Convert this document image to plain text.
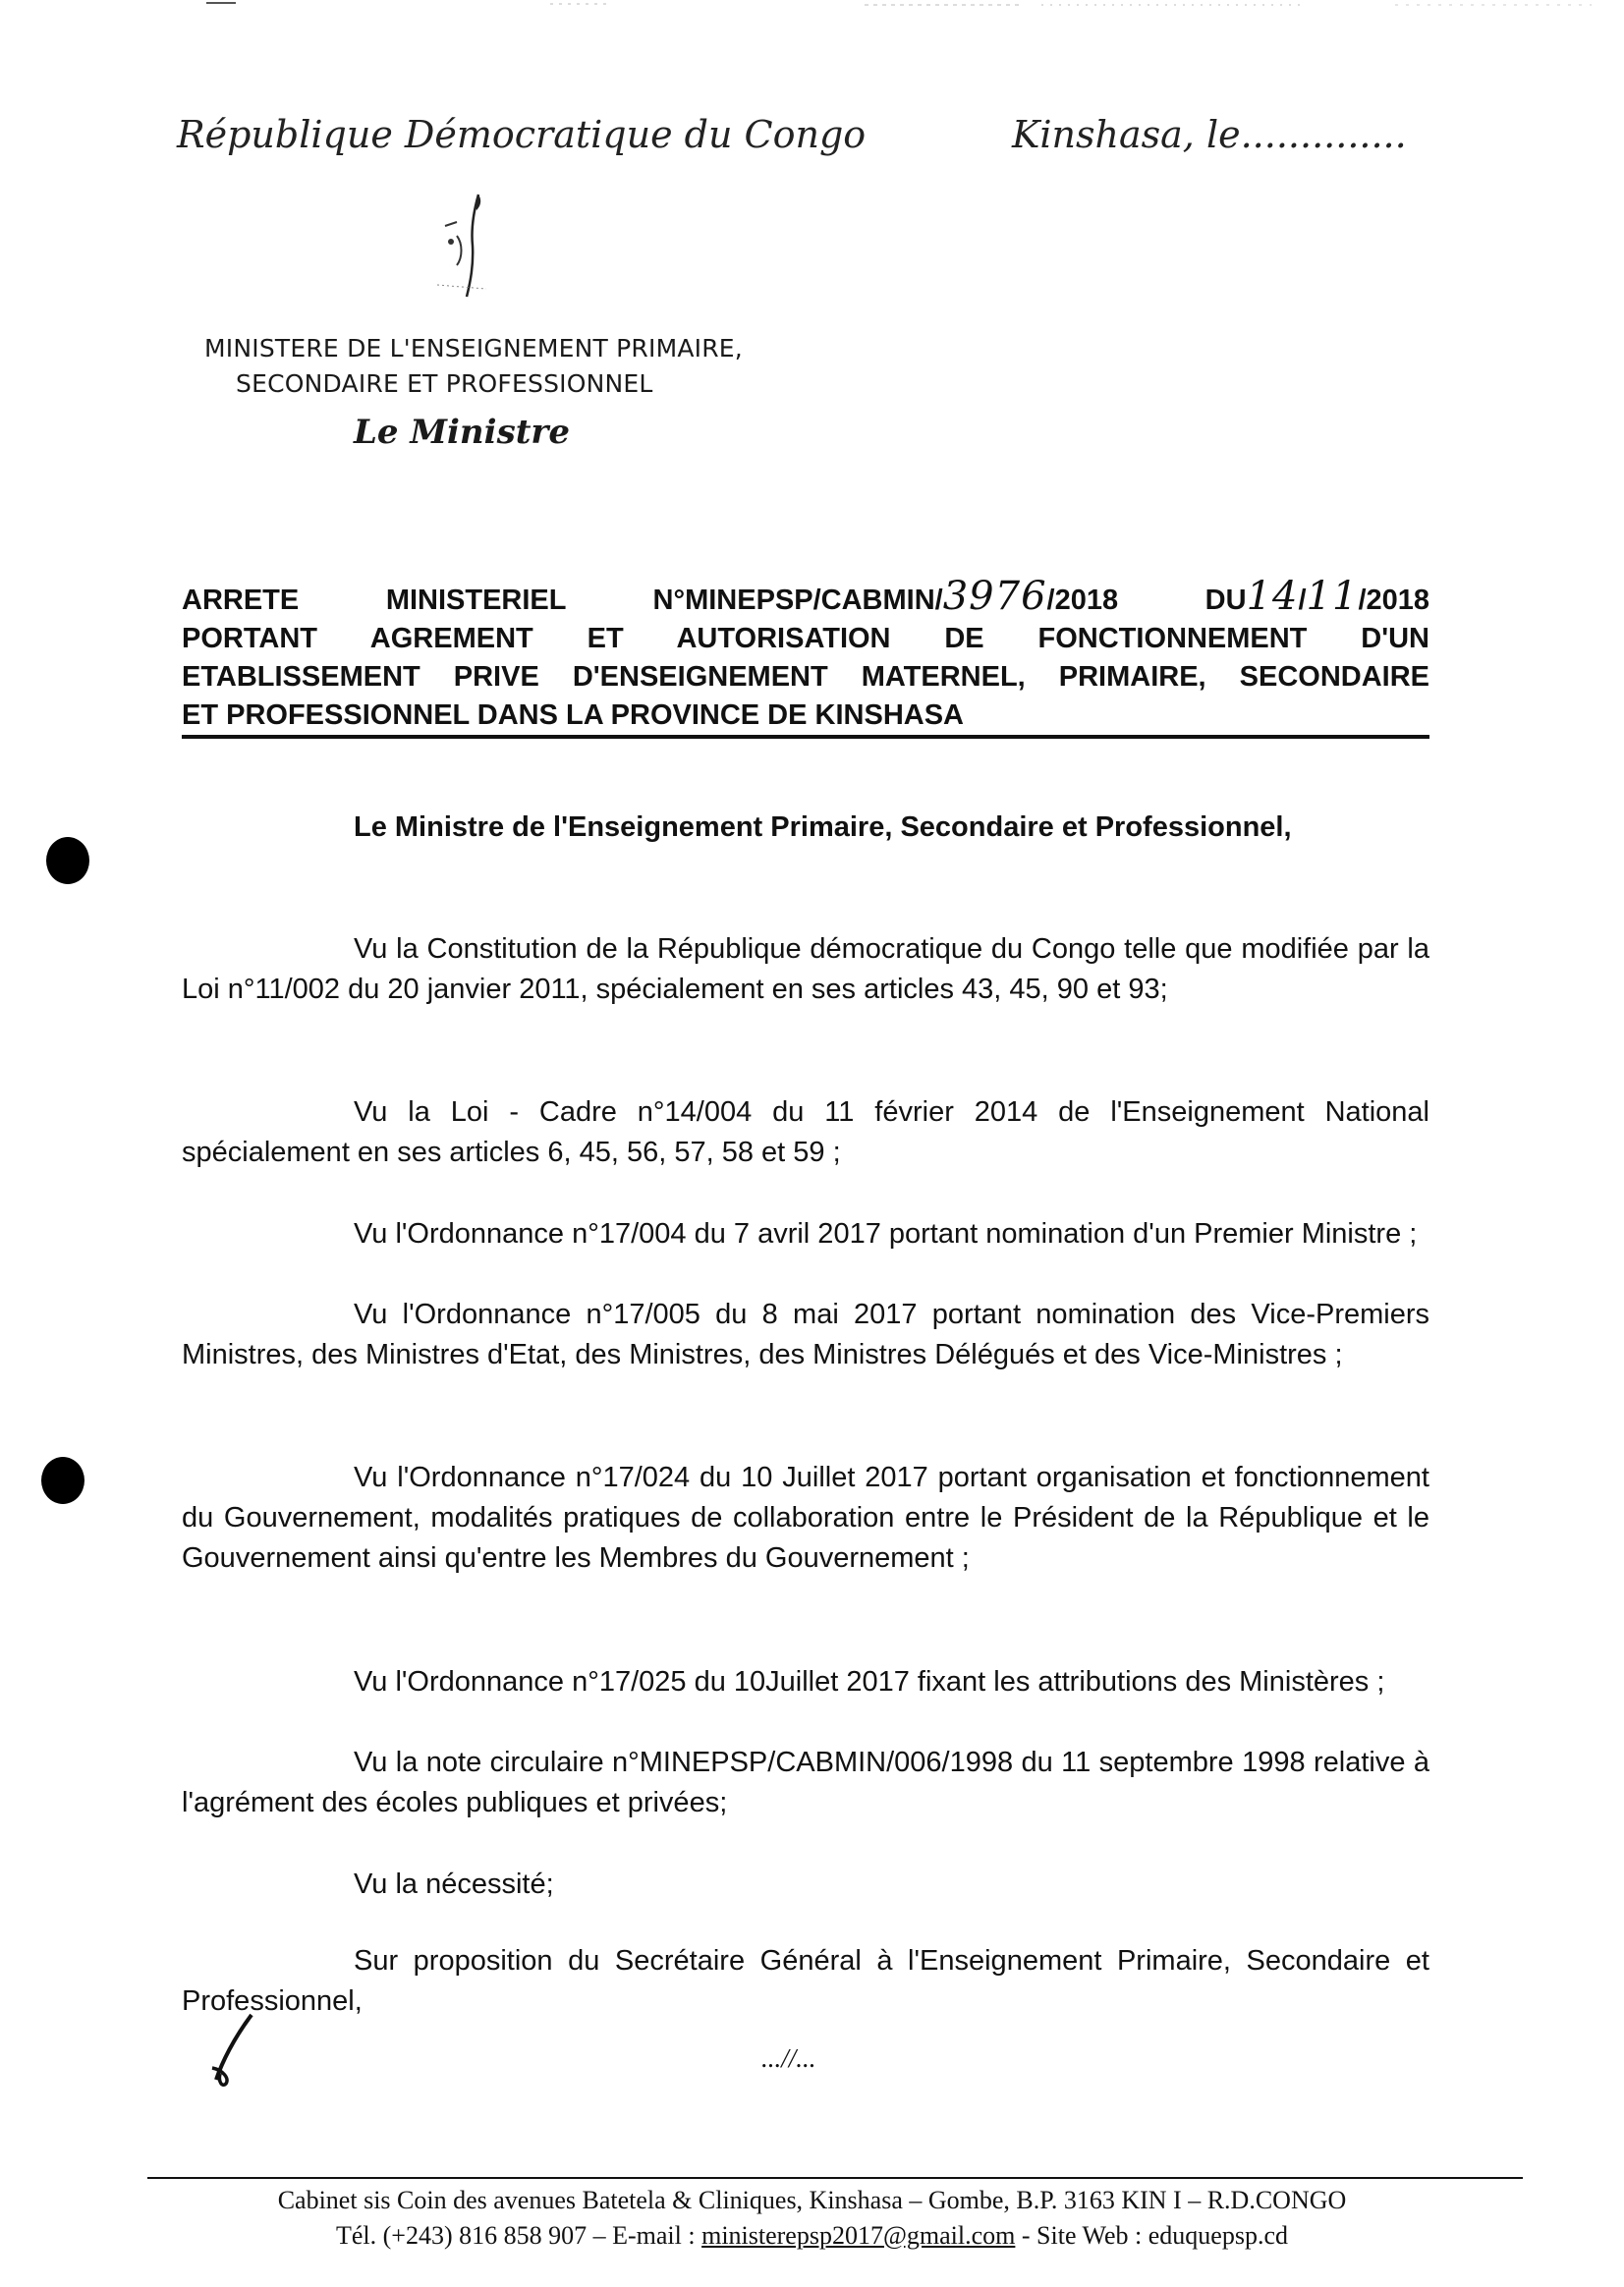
République Démocratique du Congo	Kinshasa, le..............
MINISTERE DE L'ENSEIGNEMENT PRIMAIRE,
SECONDAIRE ET PROFESSIONNEL
Le Ministre
ARRETE	MINISTERIEL	N°MINEPSP/CABMIN/3976/2018	DU14/11/2018
PORTANT AGREMENT ET AUTORISATION DE FONCTIONNEMENT D'UN
ETABLISSEMENT PRIVE D'ENSEIGNEMENT MATERNEL, PRIMAIRE, SECONDAIRE
ET PROFESSIONNEL DANS LA PROVINCE DE KINSHASA

Le Ministre de l'Enseignement Primaire, Secondaire et Professionnel,

Vu la Constitution de la République démocratique du Congo telle que modifiée par la Loi n°11/002 du 20 janvier 2011, spécialement en ses articles 43, 45, 90 et 93;

Vu la Loi - Cadre n°14/004 du 11 février 2014 de l'Enseignement National spécialement en ses articles 6, 45, 56, 57, 58 et 59 ;

Vu l'Ordonnance n°17/004 du 7 avril 2017 portant nomination d'un Premier Ministre ;

Vu l'Ordonnance n°17/005 du 8 mai 2017 portant nomination des Vice-Premiers Ministres, des Ministres d'Etat, des Ministres, des Ministres Délégués et des Vice-Ministres ;

Vu l'Ordonnance n°17/024 du 10 Juillet 2017 portant organisation et fonctionnement du Gouvernement, modalités pratiques de collaboration entre le Président de la République et le Gouvernement ainsi qu'entre les Membres du Gouvernement ;

Vu l'Ordonnance n°17/025 du 10Juillet 2017 fixant les attributions des Ministères ;

Vu la note circulaire n°MINEPSP/CABMIN/006/1998 du 11 septembre 1998 relative à l'agrément des écoles publiques et privées;

Vu la nécessité;

Sur proposition du Secrétaire Général à l'Enseignement Primaire, Secondaire et Professionnel,

...//...
Cabinet sis Coin des avenues Batetela & Cliniques, Kinshasa – Gombe, B.P. 3163 KIN I – R.D.CONGO
Tél. (+243) 816 858 907 – E-mail : ministerepsp2017@gmail.com - Site Web : eduquepsp.cd
